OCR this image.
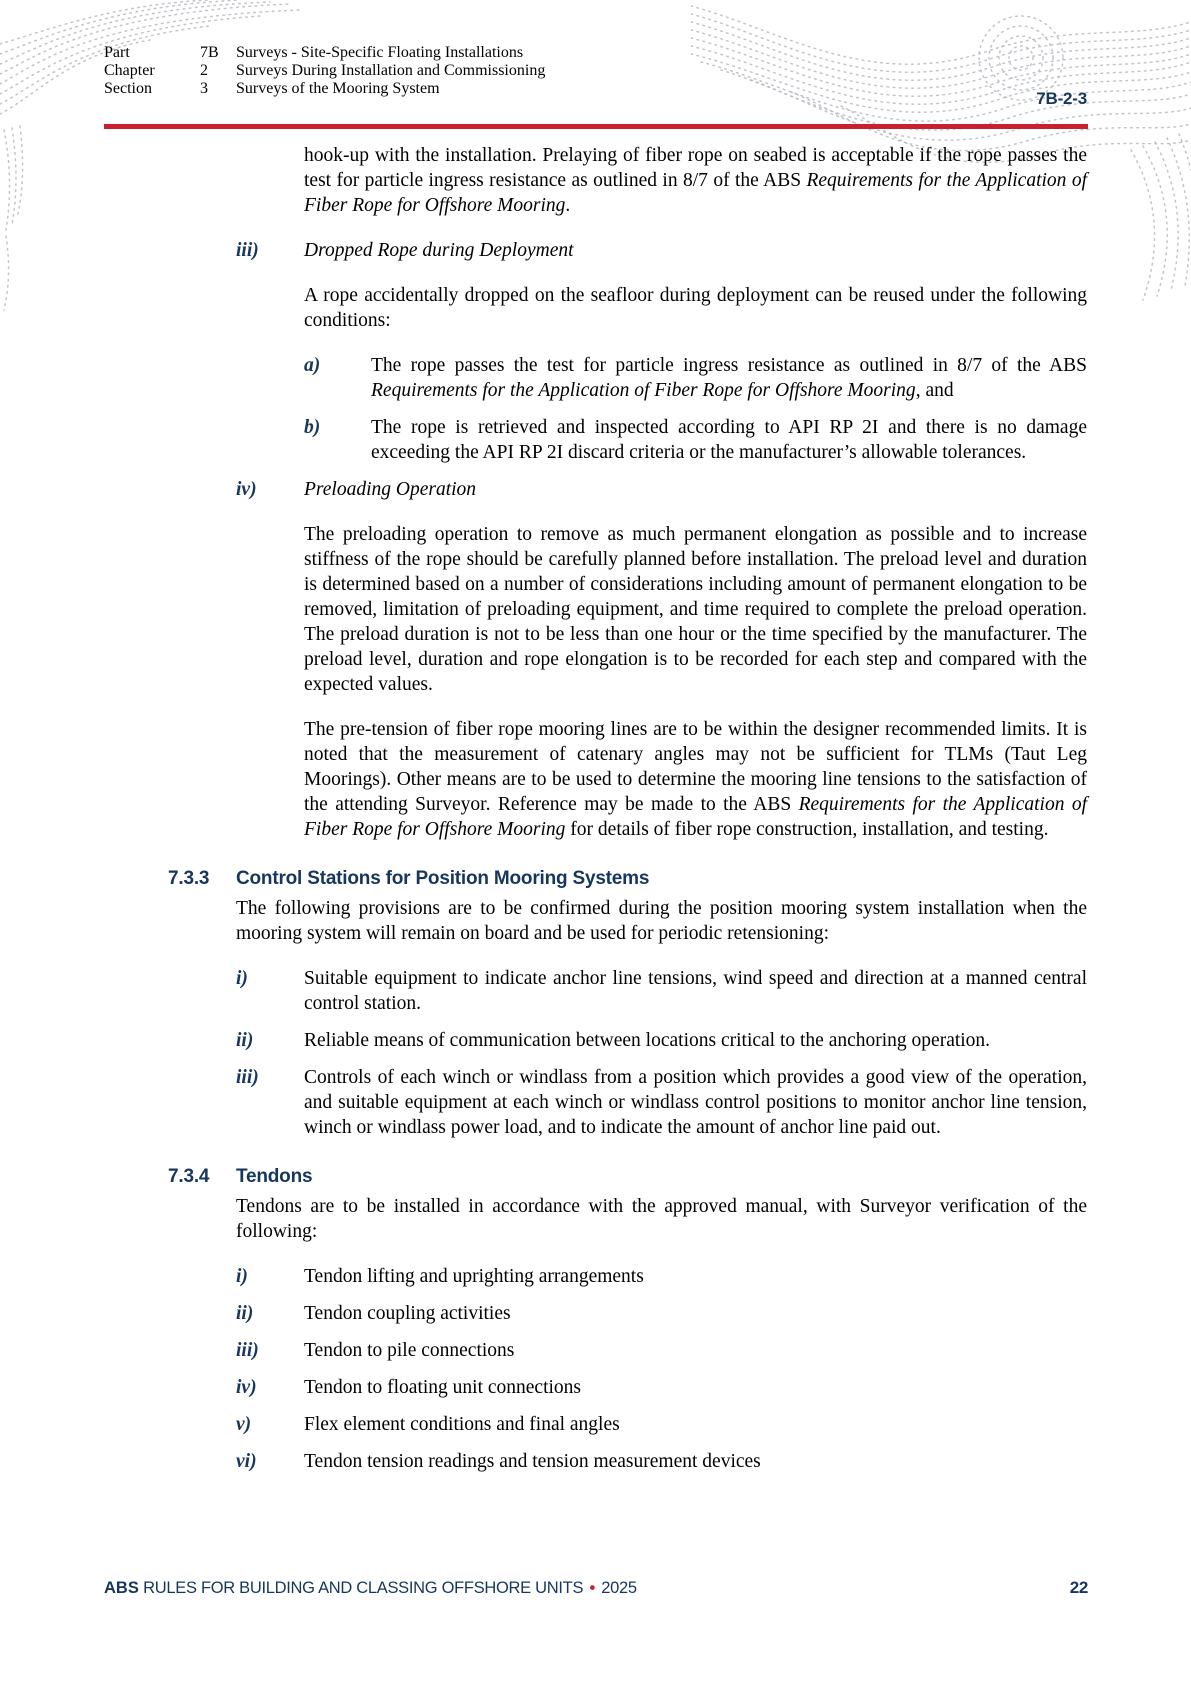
Part	7B	Surveys - Site-Specific Floating Installations
Chapter	2	Surveys During Installation and Commissioning
Section	3	Surveys of the Mooring System
7B-2-3
hook-up with the installation. Prelaying of fiber rope on seabed is acceptable if the rope passes the test for particle ingress resistance as outlined in 8/7 of the ABS Requirements for the Application of Fiber Rope for Offshore Mooring.
iii)	Dropped Rope during Deployment
A rope accidentally dropped on the seafloor during deployment can be reused under the following conditions:
a)	The rope passes the test for particle ingress resistance as outlined in 8/7 of the ABS Requirements for the Application of Fiber Rope for Offshore Mooring, and
b)	The rope is retrieved and inspected according to API RP 2I and there is no damage exceeding the API RP 2I discard criteria or the manufacturer’s allowable tolerances.
iv)	Preloading Operation
The preloading operation to remove as much permanent elongation as possible and to increase stiffness of the rope should be carefully planned before installation. The preload level and duration is determined based on a number of considerations including amount of permanent elongation to be removed, limitation of preloading equipment, and time required to complete the preload operation. The preload duration is not to be less than one hour or the time specified by the manufacturer. The preload level, duration and rope elongation is to be recorded for each step and compared with the expected values.
The pre-tension of fiber rope mooring lines are to be within the designer recommended limits. It is noted that the measurement of catenary angles may not be sufficient for TLMs (Taut Leg Moorings). Other means are to be used to determine the mooring line tensions to the satisfaction of the attending Surveyor. Reference may be made to the ABS Requirements for the Application of Fiber Rope for Offshore Mooring for details of fiber rope construction, installation, and testing.
7.3.3	Control Stations for Position Mooring Systems
The following provisions are to be confirmed during the position mooring system installation when the mooring system will remain on board and be used for periodic retensioning:
i)	Suitable equipment to indicate anchor line tensions, wind speed and direction at a manned central control station.
ii)	Reliable means of communication between locations critical to the anchoring operation.
iii)	Controls of each winch or windlass from a position which provides a good view of the operation, and suitable equipment at each winch or windlass control positions to monitor anchor line tension, winch or windlass power load, and to indicate the amount of anchor line paid out.
7.3.4	Tendons
Tendons are to be installed in accordance with the approved manual, with Surveyor verification of the following:
i)	Tendon lifting and uprighting arrangements
ii)	Tendon coupling activities
iii)	Tendon to pile connections
iv)	Tendon to floating unit connections
v)	Flex element conditions and final angles
vi)	Tendon tension readings and tension measurement devices
ABS RULES FOR BUILDING AND CLASSING OFFSHORE UNITS • 2025	22
